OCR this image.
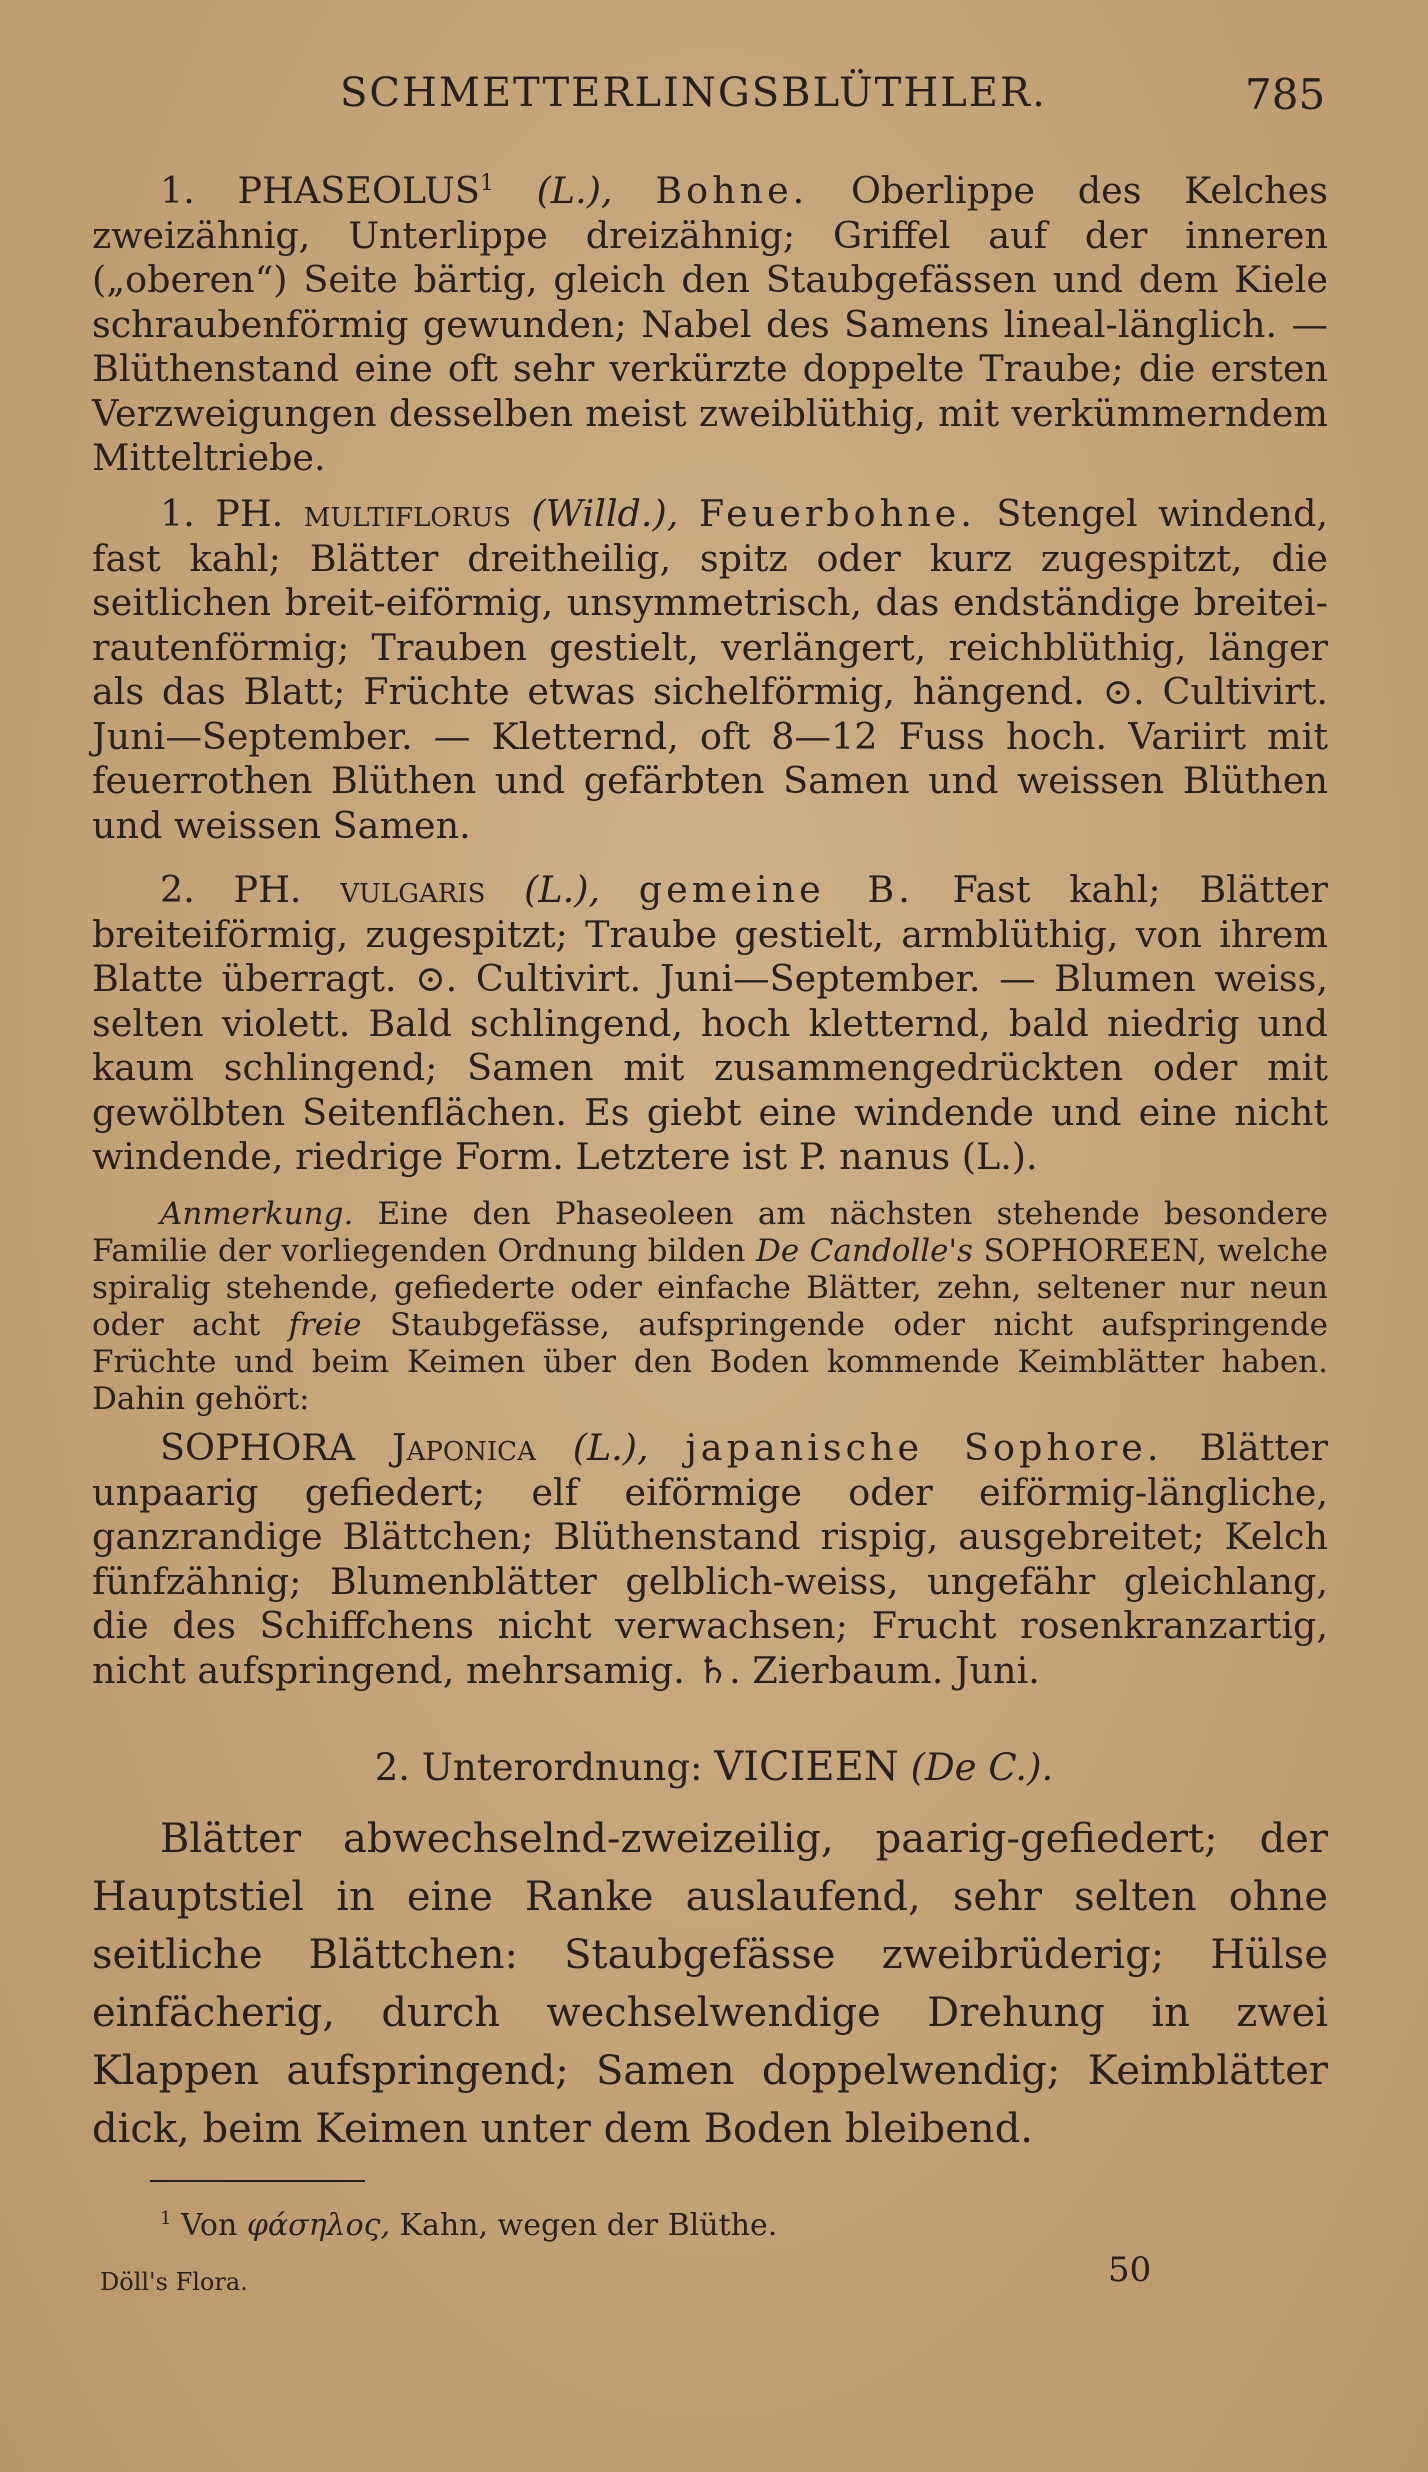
SCHMETTERLINGSBLÜTHLER.	785

1. PHASEOLUS$^1$ (L.), Bohne. Oberlippe des Kelches zweizähnig, Unterlippe dreizähnig; Griffel auf der inneren („oberen“) Seite bärtig, gleich den Staubgefässen und dem Kiele schraubenförmig gewunden; Nabel des Samens lineal-länglich. — Blüthenstand eine oft sehr verkürzte doppelte Traube; die ersten Verzweigungen desselben meist zweiblüthig, mit verkümmerndem Mitteltriebe.

1. PH. multiflorus (Willd.), Feuerbohne. Stengel windend, fast kahl; Blätter dreitheilig, spitz oder kurz zugespitzt, die seitlichen breit-eiförmig, unsymmetrisch, das endständige breitei-rautenförmig; Trauben gestielt, verlängert, reichblüthig, länger als das Blatt; Früchte etwas sichelförmig, hängend. ⊙. Cultivirt. Juni—September. — Kletternd, oft 8—12 Fuss hoch. Variirt mit feuerrothen Blüthen und gefärbten Samen und weissen Blüthen und weissen Samen.

2. PH. vulgaris (L.), gemeine B. Fast kahl; Blätter breiteiförmig, zugespitzt; Traube gestielt, armblüthig, von ihrem Blatte überragt. ⊙. Cultivirt. Juni—September. — Blumen weiss, selten violett. Bald schlingend, hoch kletternd, bald niedrig und kaum schlingend; Samen mit zusammengedrückten oder mit gewölbten Seitenflächen. Es giebt eine windende und eine nicht windende, riedrige Form. Letztere ist P. nanus (L.).

Anmerkung. Eine den Phaseoleen am nächsten stehende besondere Familie der vorliegenden Ordnung bilden De Candolle's SOPHOREEN, welche spiralig stehende, gefiederte oder einfache Blätter, zehn, seltener nur neun oder acht freie Staubgefässe, aufspringende oder nicht aufspringende Früchte und beim Keimen über den Boden kommende Keimblätter haben. Dahin gehört:

SOPHORA Japonica (L.), japanische Sophore. Blätter unpaarig gefiedert; elf eiförmige oder eiförmig-längliche, ganzrandige Blättchen; Blüthenstand rispig, ausgebreitet; Kelch fünfzähnig; Blumenblätter gelblich-weiss, ungefähr gleichlang, die des Schiffchens nicht verwachsen; Frucht rosenkranzartig, nicht aufspringend, mehrsamig. ♄. Zierbaum. Juni.

2. Unterordnung: VICIEEN (De C.).

Blätter abwechselnd-zweizeilig, paarig-gefiedert; der Hauptstiel in eine Ranke auslaufend, sehr selten ohne seitliche Blättchen: Staubgefässe zweibrüderig; Hülse einfächerig, durch wechselwendige Drehung in zwei Klappen aufspringend; Samen doppelwendig; Keimblätter dick, beim Keimen unter dem Boden bleibend.

$^1$ Von φάσηλος, Kahn, wegen der Blüthe.
Döll's Flora.	50
